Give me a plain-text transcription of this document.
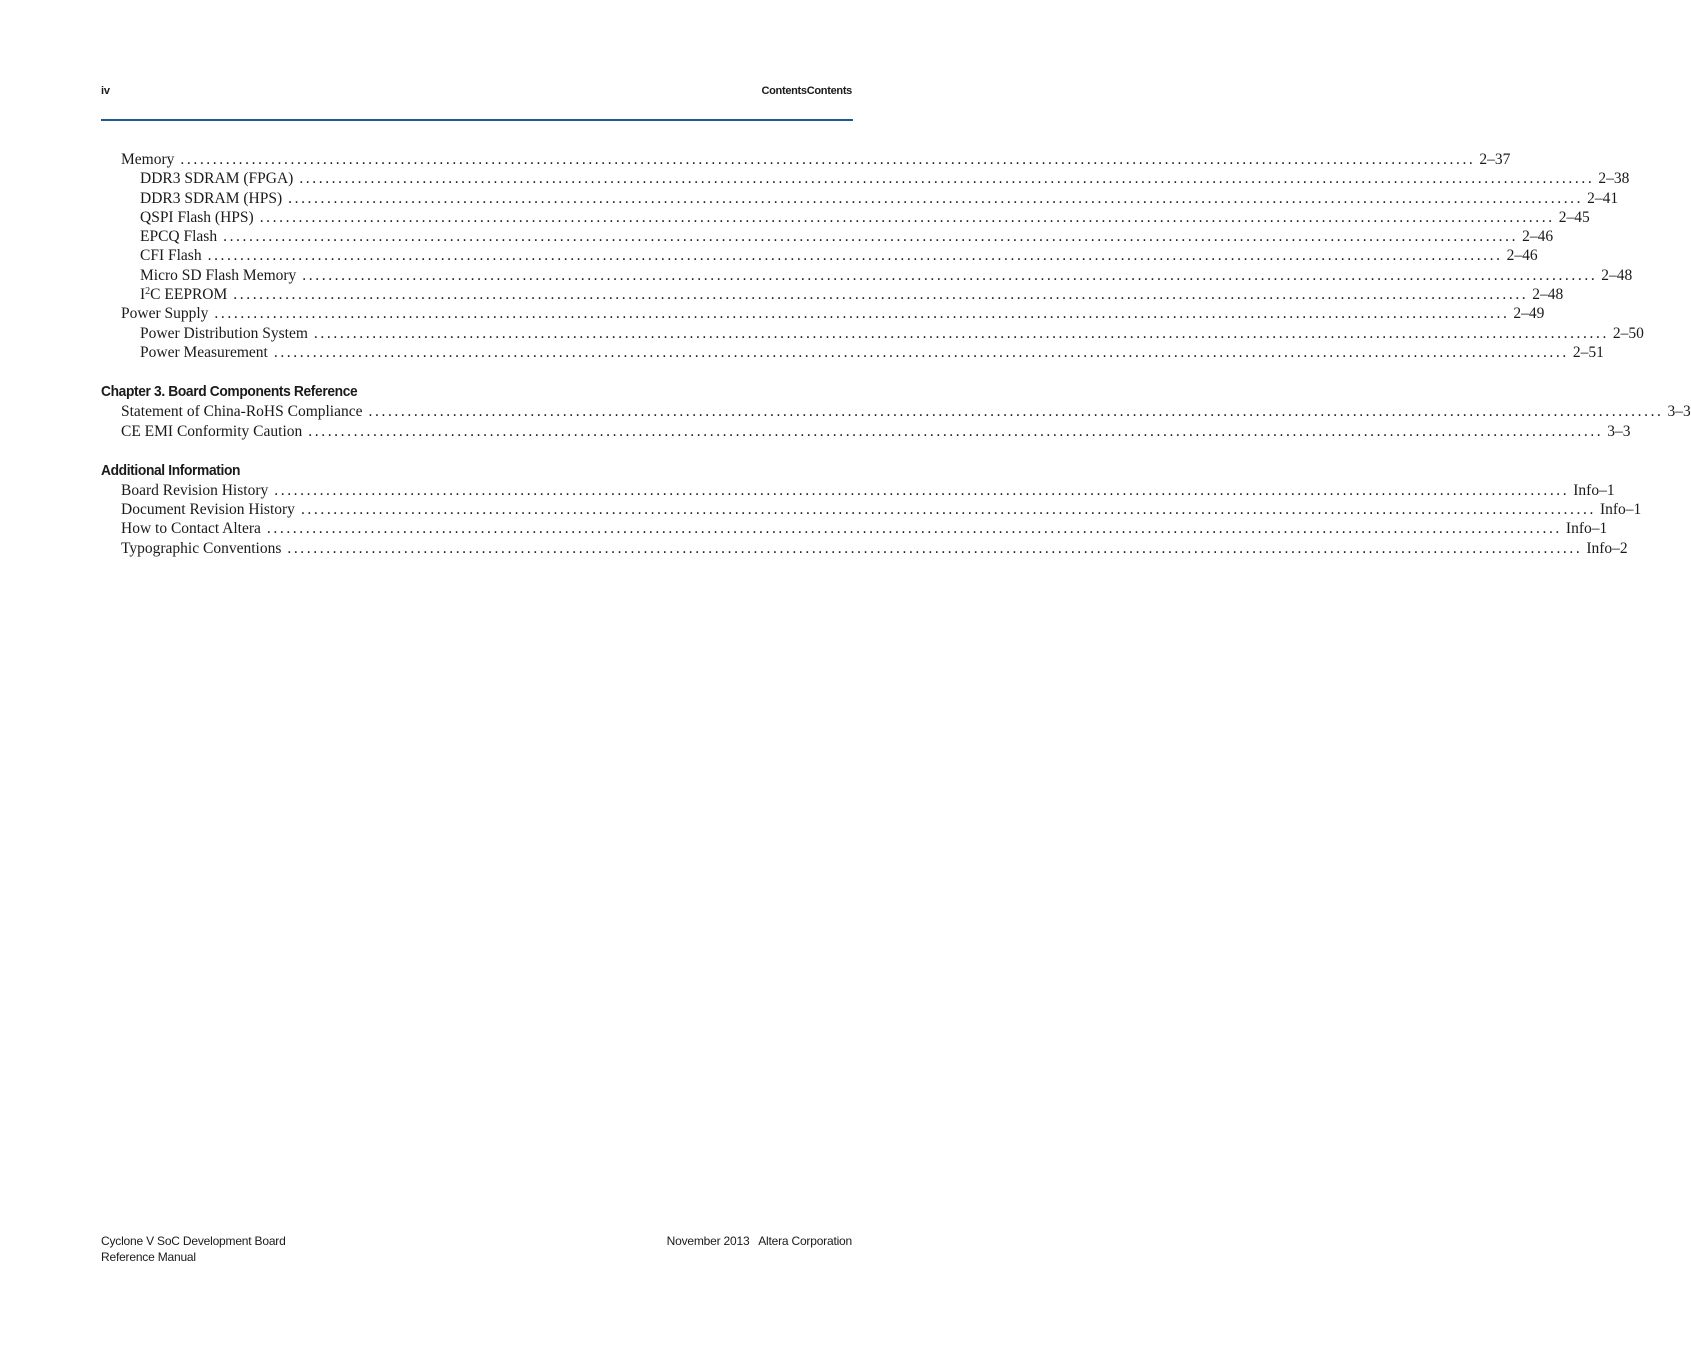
iv	ContentsContents
Memory ........................................................................................................................................................................................................ 2–37
DDR3 SDRAM (FPGA) ........................................................................................................................................................................................................ 2–38
DDR3 SDRAM (HPS) ........................................................................................................................................................................................................ 2–41
QSPI Flash (HPS) ........................................................................................................................................................................................................ 2–45
EPCQ Flash ........................................................................................................................................................................................................ 2–46
CFI Flash ........................................................................................................................................................................................................ 2–46
Micro SD Flash Memory ........................................................................................................................................................................................................ 2–48
$I^2C$ EEPROM ........................................................................................................................................................................................................ 2–48
Power Supply ........................................................................................................................................................................................................ 2–49
Power Distribution System ........................................................................................................................................................................................................ 2–50
Power Measurement ........................................................................................................................................................................................................ 2–51
Chapter 3. Board Components Reference
Statement of China-RoHS Compliance ........................................................................................................................................................................................................ 3–3
CE EMI Conformity Caution ........................................................................................................................................................................................................ 3–3
Additional Information
Board Revision History ........................................................................................................................................................................................................ Info–1
Document Revision History ........................................................................................................................................................................................................ Info–1
How to Contact Altera ........................................................................................................................................................................................................ Info–1
Typographic Conventions ........................................................................................................................................................................................................ Info–2
Cyclone V SoC Development Board
Reference Manual
November 2013 Altera Corporation
